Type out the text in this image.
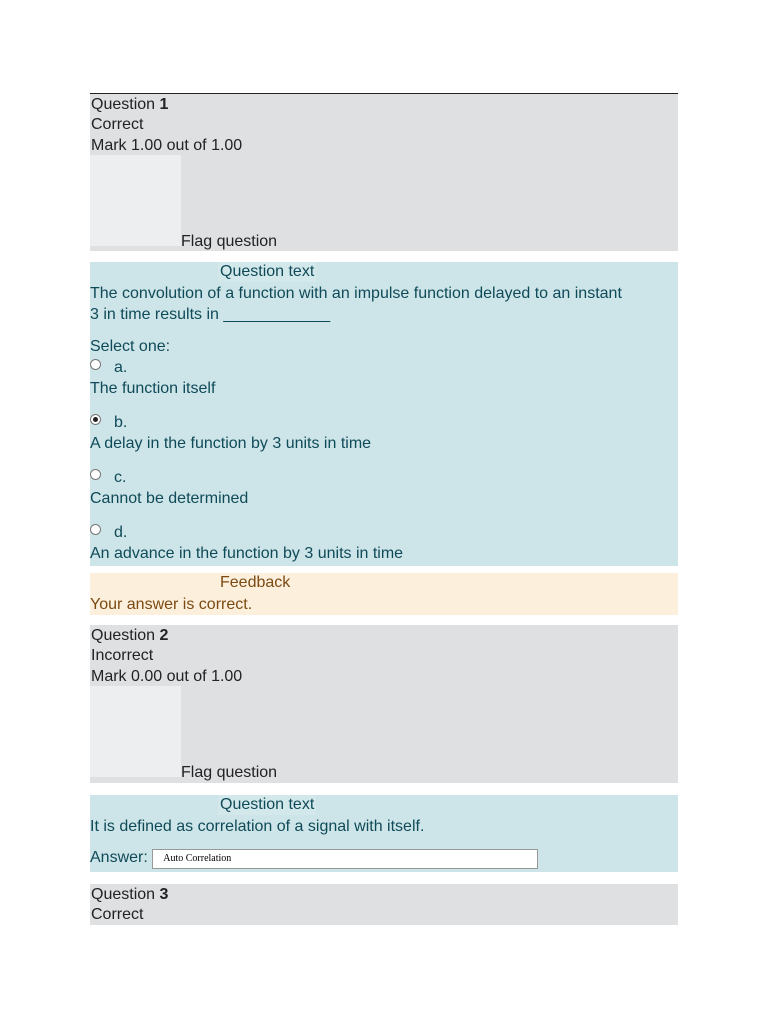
Question 1
Correct
Mark 1.00 out of 1.00
Flag question
Question text
The convolution of a function with an impulse function delayed to an instant
3 in time results in ____________
Select one:
a.
The function itself
b.
A delay in the function by 3 units in time
c.
Cannot be determined
d.
An advance in the function by 3 units in time
Feedback
Your answer is correct.
Question 2
Incorrect
Mark 0.00 out of 1.00
Flag question
Question text
It is defined as correlation of a signal with itself.
Answer: Auto Correlation
Question 3
Correct
